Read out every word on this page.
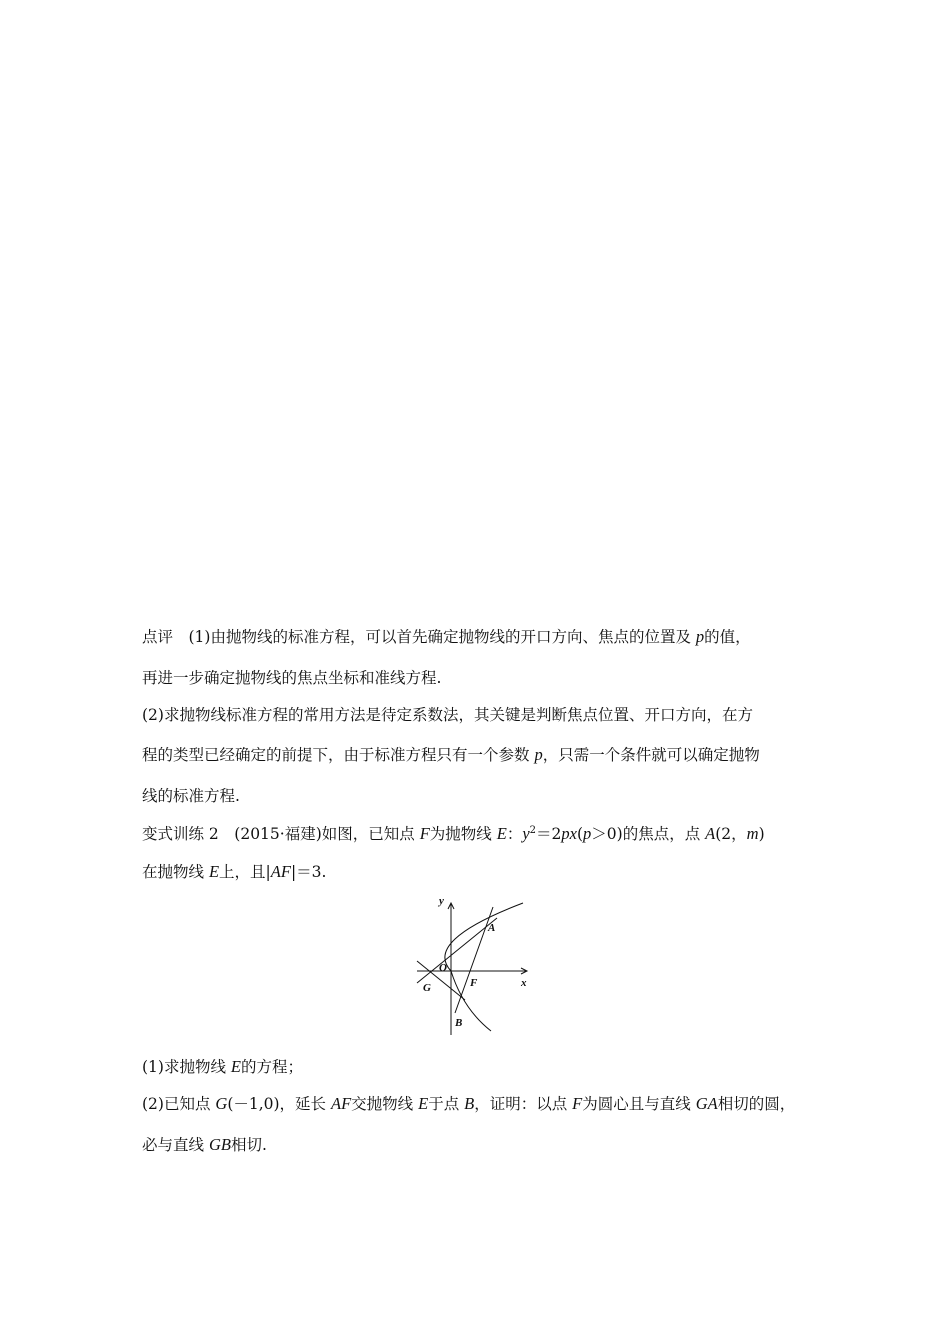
点评　(1)由抛物线的标准方程，可以首先确定抛物线的开口方向、焦点的位置及 p的值，
再进一步确定抛物线的焦点坐标和准线方程.
(2)求抛物线标准方程的常用方法是待定系数法，其关键是判断焦点位置、开口方向，在方
程的类型已经确定的前提下，由于标准方程只有一个参数 p，只需一个条件就可以确定抛物
线的标准方程.
变式训练 2　(2015·福建)如图，已知点 F为抛物线 E：$y^2=2px(p>0)$的焦点，点 A(2，m)
在抛物线 E上，且|AF|＝3.
y
x
O
A
F
G
B
(1)求抛物线 E的方程；
(2)已知点 G(－1,0)，延长 AF交抛物线 E于点 B，证明：以点 F为圆心且与直线 GA相切的圆，
必与直线 GB相切.
